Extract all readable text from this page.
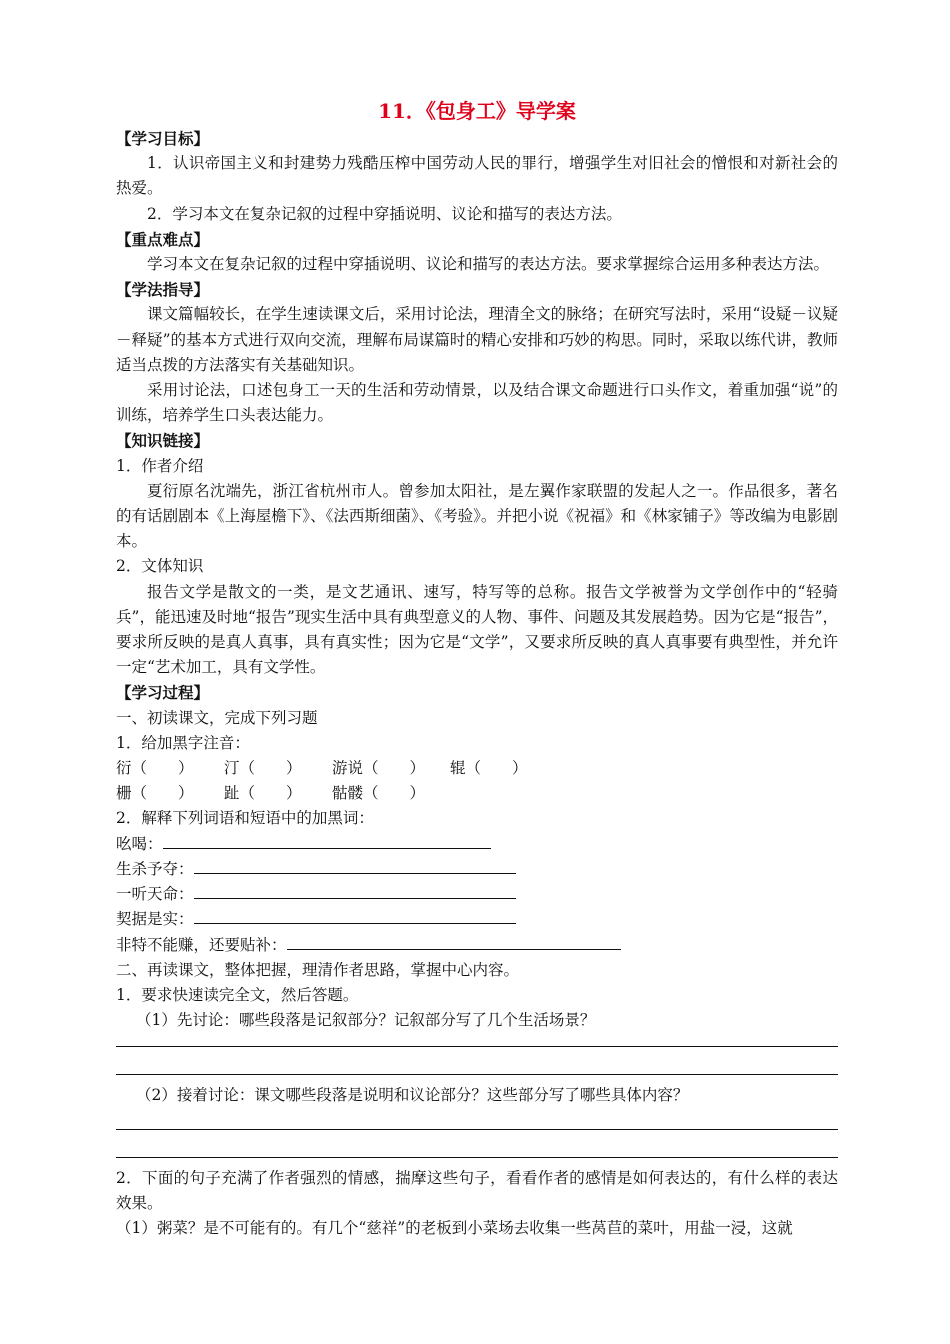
11．《包身工》导学案
【学习目标】
1．认识帝国主义和封建势力残酷压榨中国劳动人民的罪行，增强学生对旧社会的憎恨和对新社会的热爱。
2．学习本文在复杂记叙的过程中穿插说明、议论和描写的表达方法。
【重点难点】
学习本文在复杂记叙的过程中穿插说明、议论和描写的表达方法。要求掌握综合运用多种表达方法。
【学法指导】
课文篇幅较长，在学生速读课文后，采用讨论法，理清全文的脉络；在研究写法时，采用“设疑－议疑－释疑”的基本方式进行双向交流，理解布局谋篇时的精心安排和巧妙的构思。同时，采取以练代讲，教师适当点拨的方法落实有关基础知识。
采用讨论法，口述包身工一天的生活和劳动情景，以及结合课文命题进行口头作文，着重加强“说”的训练，培养学生口头表达能力。
【知识链接】
1．作者介绍
夏衍原名沈端先，浙江省杭州市人。曾参加太阳社，是左翼作家联盟的发起人之一。作品很多，著名的有话剧剧本《上海屋檐下》、《法西斯细菌》、《考验》。并把小说《祝福》和《林家铺子》等改编为电影剧本。
2．文体知识
报告文学是散文的一类，是文艺通讯、速写，特写等的总称。报告文学被誉为文学创作中的“轻骑兵”，能迅速及时地“报告”现实生活中具有典型意义的人物、事件、问题及其发展趋势。因为它是“报告”，要求所反映的是真人真事，具有真实性；因为它是“文学”，又要求所反映的真人真事要有典型性，并允许一定“艺术加工，具有文学性。
【学习过程】
一、初读课文，完成下列习题
1．给加黑字注音：
衍（　　）	汀（　　）	游说（　　）	辊（　　）
栅（　　）	趾（　　）	骷髅（　　）
2．解释下列词语和短语中的加黑词：
吆喝：
生杀予夺：
一听天命：
契据是实：
非特不能赚，还要贴补：
二、再读课文，整体把握，理清作者思路，掌握中心内容。
1．要求快速读完全文，然后答题。
（1）先讨论：哪些段落是记叙部分？记叙部分写了几个生活场景？
（2）接着讨论：课文哪些段落是说明和议论部分？这些部分写了哪些具体内容？
2．下面的句子充满了作者强烈的情感，揣摩这些句子，看看作者的感情是如何表达的，有什么样的表达效果。
（1）粥菜？是不可能有的。有几个“慈祥”的老板到小菜场去收集一些莴苣的菜叶，用盐一浸，这就
